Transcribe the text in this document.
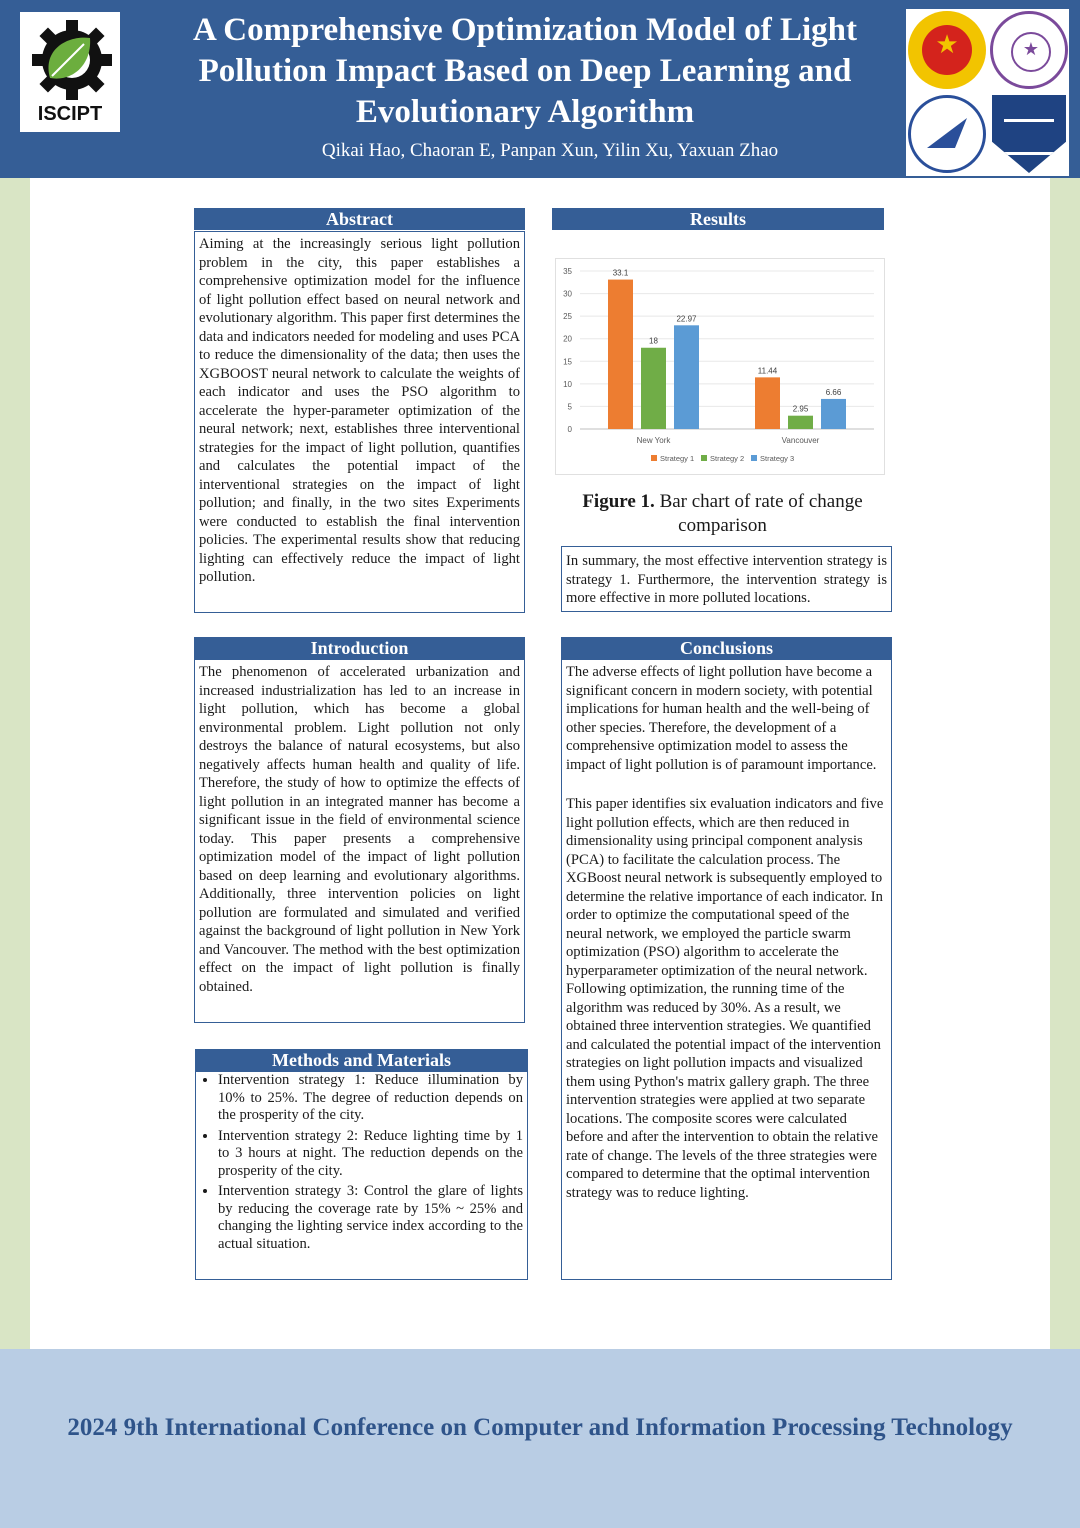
ISCIPT
A Comprehensive Optimization Model of Light Pollution Impact Based on Deep Learning and Evolutionary Algorithm
Qikai Hao, Chaoran E, Panpan Xun, Yilin Xu, Yaxuan Zhao
★	★
Abstract
Aiming at the increasingly serious light pollution problem in the city, this paper establishes a comprehensive optimization model for the influence of light pollution effect based on neural network and evolutionary algorithm. This paper first determines the data and indicators needed for modeling and uses PCA to reduce the dimensionality of the data; then uses the XGBOOST neural network to calculate the weights of each indicator and uses the PSO algorithm to accelerate the hyper-parameter optimization of the neural network; next, establishes three interventional strategies for the impact of light pollution, quantifies and calculates the potential impact of the interventional strategies on the impact of light pollution; and finally, in the two sites Experiments were conducted to establish the final intervention policies. The experimental results show that reducing lighting can effectively reduce the impact of light pollution.
Introduction
The phenomenon of accelerated urbanization and increased industrialization has led to an increase in light pollution, which has become a global environmental problem. Light pollution not only destroys the balance of natural ecosystems, but also negatively affects human health and quality of life. Therefore, the study of how to optimize the effects of light pollution in an integrated manner has become a significant issue in the field of environmental science today. This paper presents a comprehensive optimization model of the impact of light pollution based on deep learning and evolutionary algorithms. Additionally, three intervention policies on light pollution are formulated and simulated and verified against the background of light pollution in New York and Vancouver. The method with the best optimization effect on the impact of light pollution is finally obtained.
Methods and Materials
• Intervention strategy 1: Reduce illumination by 10% to 25%. The degree of reduction depends on the prosperity of the city.
• Intervention strategy 2: Reduce lighting time by 1 to 3 hours at night. The reduction depends on the prosperity of the city.
• Intervention strategy 3: Control the glare of lights by reducing the coverage rate by 15% ~ 25% and changing the lighting service index according to the actual situation.
Results
0
5
10
15
20
25
30
35	33.1
18
22.97
New York
11.44
2.95
6.66
Vancouver
Strategy 1 Strategy 2 Strategy 3
Figure 1. Bar chart of rate of change comparison
In summary, the most effective intervention strategy is strategy 1. Furthermore, the intervention strategy is more effective in more polluted locations.
Conclusions
The adverse effects of light pollution have become a significant concern in modern society, with potential implications for human health and the well-being of other species. Therefore, the development of a comprehensive optimization model to assess the impact of light pollution is of paramount importance.
This paper identifies six evaluation indicators and five light pollution effects, which are then reduced in dimensionality using principal component analysis (PCA) to facilitate the calculation process. The XGBoost neural network is subsequently employed to determine the relative importance of each indicator. In order to optimize the computational speed of the neural network, we employed the particle swarm optimization (PSO) algorithm to accelerate the hyperparameter optimization of the neural network. Following optimization, the running time of the algorithm was reduced by 30%. As a result, we obtained three intervention strategies. We quantified and calculated the potential impact of the intervention strategies on light pollution impacts and visualized them using Python's matrix gallery graph. The three intervention strategies were applied at two separate locations. The composite scores were calculated before and after the intervention to obtain the relative rate of change. The levels of the three strategies were compared to determine that the optimal intervention strategy was to reduce lighting.
2024 9th International Conference on Computer and Information Processing Technology
